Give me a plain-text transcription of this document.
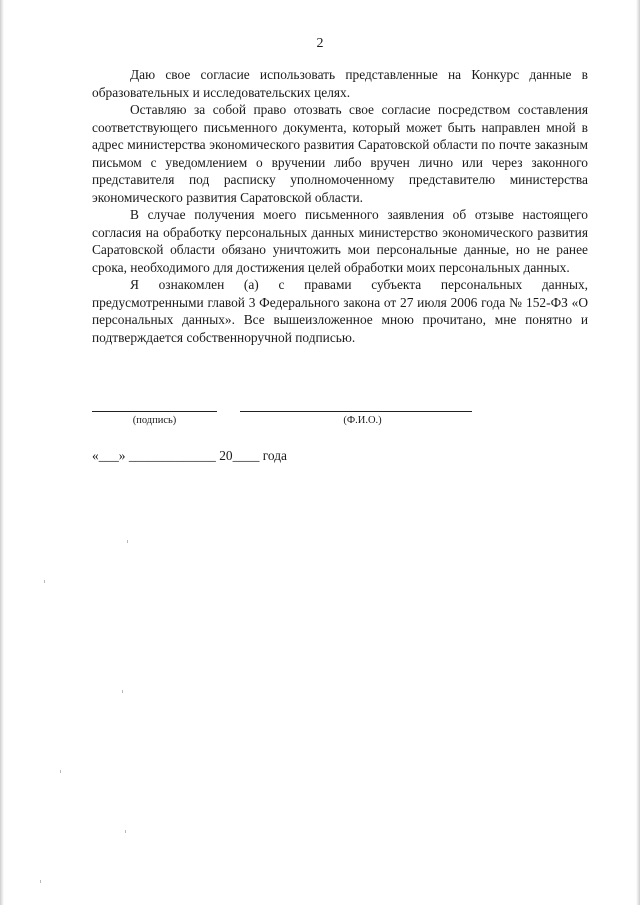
2

Даю свое согласие использовать представленные на Конкурс данные в образовательных и исследовательских целях.

Оставляю за собой право отозвать свое согласие посредством составления соответствующего письменного документа, который может быть направлен мной в адрес министерства экономического развития Саратовской области по почте заказным письмом с уведомлением о вручении либо вручен лично или через законного представителя под расписку уполномоченному представителю министерства экономического развития Саратовской области.

В случае получения моего письменного заявления об отзыве настоящего согласия на обработку персональных данных министерство экономического развития Саратовской области обязано уничтожить мои персональные данные, но не ранее срока, необходимого для достижения целей обработки моих персональных данных.

Я ознакомлен (а) с правами субъекта персональных данных, предусмотренными главой 3 Федерального закона от 27 июля 2006 года № 152-ФЗ «О персональных данных». Все вышеизложенное мною прочитано, мне понятно и подтверждается собственноручной подписью.

(подпись)	(Ф.И.О.)
«___» _____________ 20____ года
